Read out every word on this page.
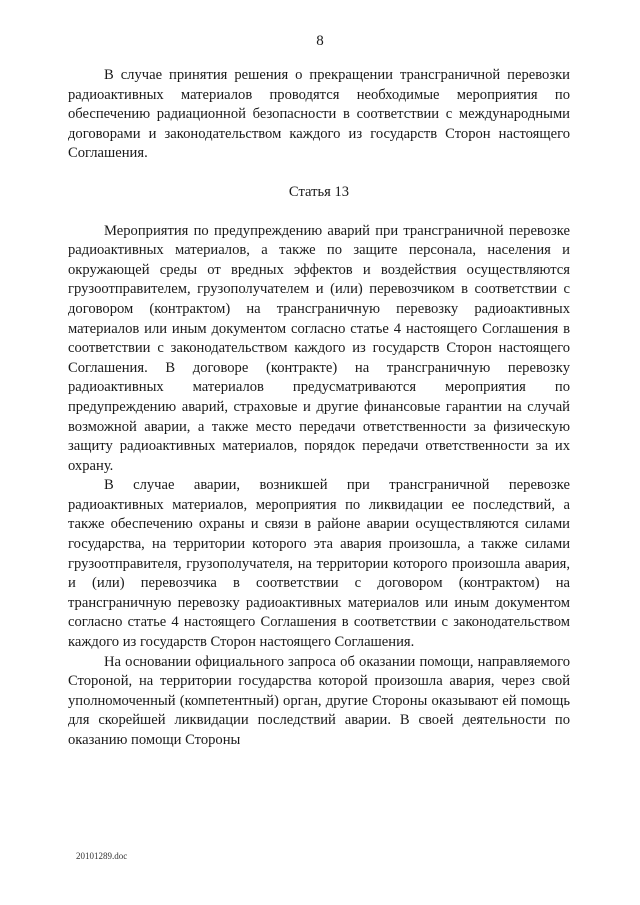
8

В случае принятия решения о прекращении трансграничной перевозки радиоактивных материалов проводятся необходимые мероприятия по обеспечению радиационной безопасности в соответствии с международными договорами и законодательством каждого из государств Сторон настоящего Соглашения.

Статья 13

Мероприятия по предупреждению аварий при трансграничной перевозке радиоактивных материалов, а также по защите персонала, населения и окружающей среды от вредных эффектов и воздействия осуществляются грузоотправителем, грузополучателем и (или) перевозчиком в соответствии с договором (контрактом) на трансграничную перевозку радиоактивных материалов или иным документом согласно статье 4 настоящего Соглашения в соответствии с законодательством каждого из государств Сторон настоящего Соглашения. В договоре (контракте) на трансграничную перевозку радиоактивных материалов предусматриваются мероприятия по предупреждению аварий, страховые и другие финансовые гарантии на случай возможной аварии, а также место передачи ответственности за физическую защиту радиоактивных материалов, порядок передачи ответственности за их охрану.

В случае аварии, возникшей при трансграничной перевозке радиоактивных материалов, мероприятия по ликвидации ее последствий, а также обеспечению охраны и связи в районе аварии осуществляются силами государства, на территории которого эта авария произошла, а также силами грузоотправителя, грузополучателя, на территории которого произошла авария, и (или) перевозчика в соответствии с договором (контрактом) на трансграничную перевозку радиоактивных материалов или иным документом согласно статье 4 настоящего Соглашения в соответствии с законодательством каждого из государств Сторон настоящего Соглашения.

На основании официального запроса об оказании помощи, направляемого Стороной, на территории государства которой произошла авария, через свой уполномоченный (компетентный) орган, другие Стороны оказывают ей помощь для скорейшей ликвидации последствий аварии. В своей деятельности по оказанию помощи Стороны

20101289.doc
